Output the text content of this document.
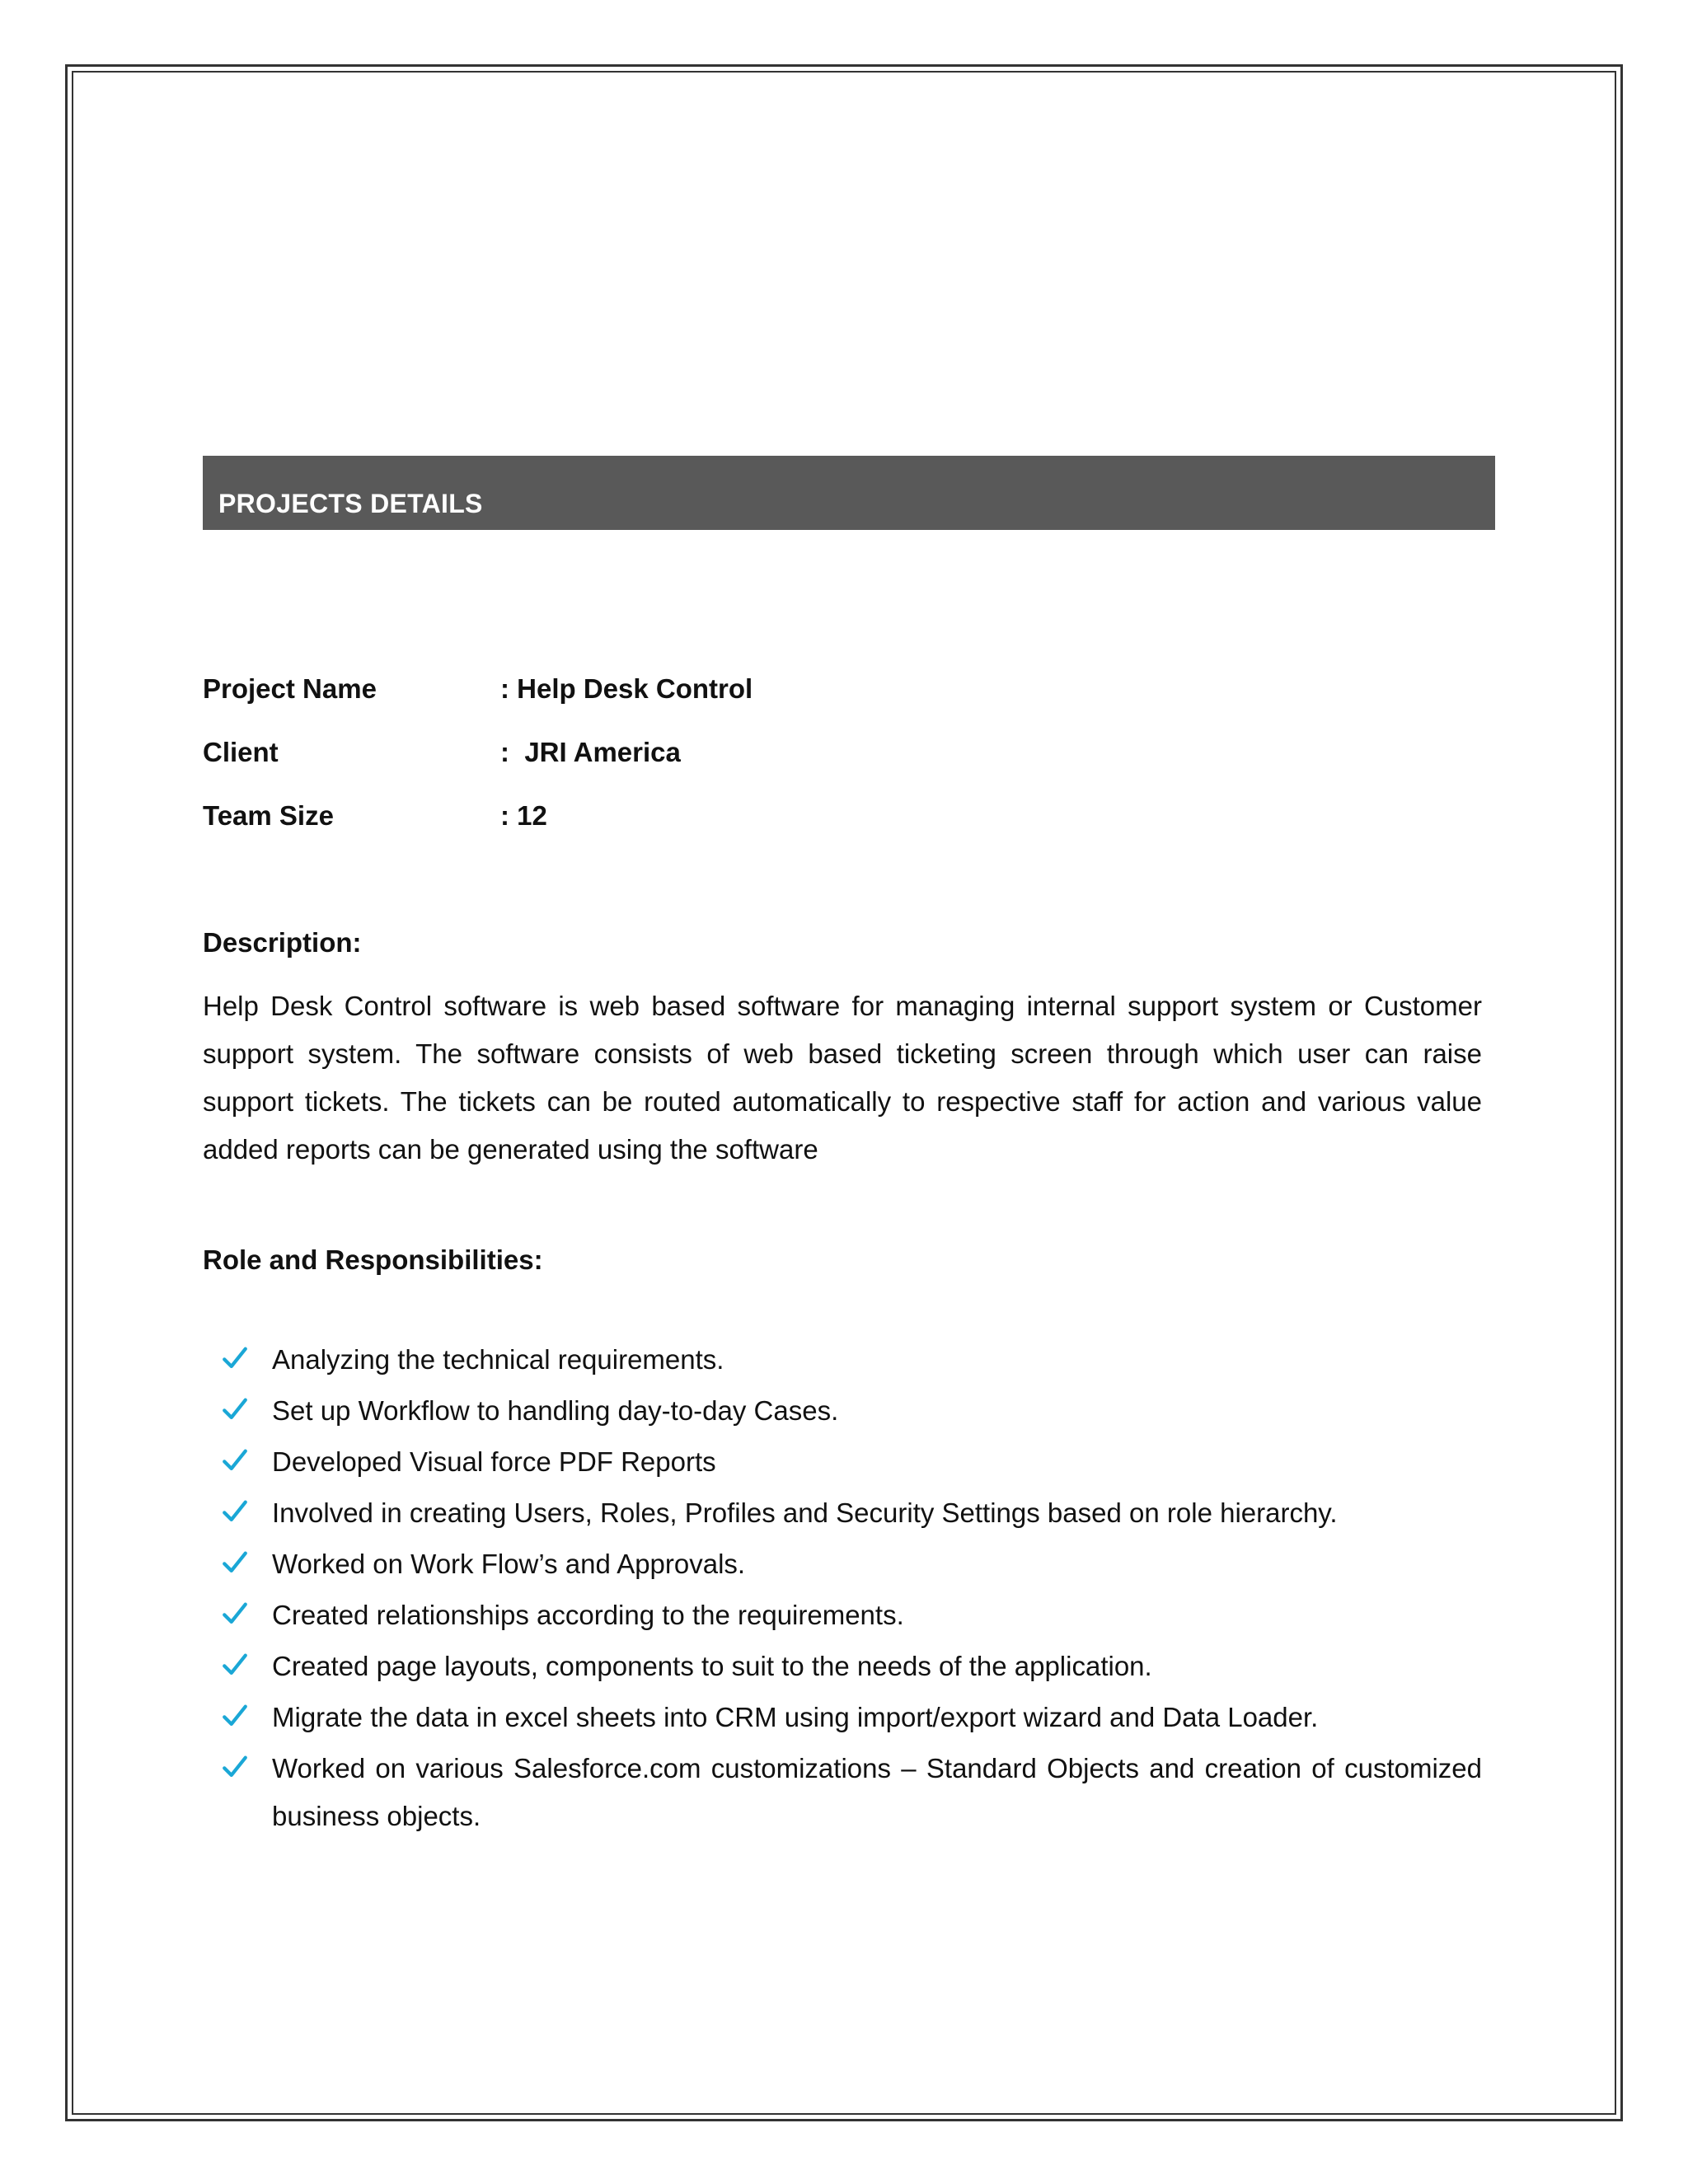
PROJECTS DETAILS
Project Name	: Help Desk Control
Client	:  JRI America
Team Size	: 12
Description:
Help Desk Control software is web based software for managing internal support system or Customer support system. The software consists of web based ticketing screen through which user can raise support tickets. The tickets can be routed automatically to respective staff for action and various value added reports can be generated using the software
Role and Responsibilities:
Analyzing the technical requirements.
Set up Workflow to handling day-to-day Cases.
Developed Visual force PDF Reports
Involved in creating Users, Roles, Profiles and Security Settings based on role hierarchy.
Worked on Work Flow’s and Approvals.
Created relationships according to the requirements.
Created page layouts, components to suit to the needs of the application.
Migrate the data in excel sheets into CRM using import/export wizard and Data Loader.
Worked on various Salesforce.com customizations – Standard Objects and creation of customized business objects.
